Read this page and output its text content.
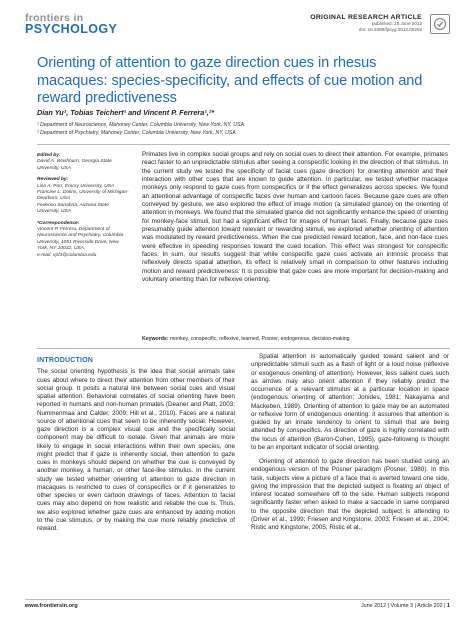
frontiers in
PSYCHOLOGY
ORIGINAL RESEARCH ARTICLE
published: 25 June 2012
doi: 10.3389/fpsyg.2012.00202
Orienting of attention to gaze direction cues in rhesus macaques: species-specificity, and effects of cue motion and reward predictiveness
Dian Yu¹, Tobias Teichert¹ and Vincent P. Ferrera¹,²*
¹ Department of Neuroscience, Mahoney Center, Columbia University, New York, NY, USA
² Department of Psychiatry, Mahoney Center, Columbia University, New York, NY, USA
Edited by:
David A. Washburn, Georgia State University, USA
Reviewed by:
Lisa A. Parr, Emory University, USA
Francine L. Dolins, University of Michigan-Dearborn, USA
Federico Sanabria, Arizona State University, USA
*Correspondence:
Vincent P. Ferrera, Department of Neuroscience and Psychiatry, Columbia University, 1051 Riverside Drive, New York, NY 10032, USA.
e-mail: vpf3@columbia.edu
Primates live in complex social groups and rely on social cues to direct their attention. For example, primates react faster to an unpredictable stimulus after seeing a conspecific looking in the direction of that stimulus. In the current study we tested the specificity of facial cues (gaze direction) for orienting attention and their interaction with other cues that are known to guide attention. In particular, we tested whether macaque monkeys only respond to gaze cues from conspecifics or if the effect generalizes across species. We found an attentional advantage of conspecific faces over human and cartoon faces. Because gaze cues are often conveyed by gesture, we also explored the effect of image motion (a simulated glance) on the orienting of attention in monkeys. We found that the simulated glance did not significantly enhance the speed of orienting for monkey-face stimuli, but had a significant effect for images of human faces. Finally, because gaze cues presumably guide attention toward relevant or rewarding stimuli, we explored whether orienting of attention was modulated by reward predictiveness. When the cue predicted reward location, face, and non-face cues were effective in speeding responses toward the cued location. This effect was strongest for conspecific faces. In sum, our results suggest that while conspecific gaze cues activate an intrinsic process that reflexively directs spatial attention, its effect is relatively small in comparison to other features including motion and reward predictiveness. It is possible that gaze cues are more important for decision-making and voluntary orienting than for reflexive orienting.
Keywords: monkey, conspecific, reflexive, learned, Posner, endogenous, decision-making
INTRODUCTION

The social orienting hypothesis is the idea that social animals take cues about where to direct their attention from other members of their social group. It posits a natural link between social cues and visual spatial attention. Behavioral correlates of social orienting have been reported in humans and non-human primates (Deaner and Platt, 2003; Nummenmaa and Calder, 2009; Hill et al., 2010). Faces are a natural source of attentional cues that seem to be inherently social. However, gaze direction is a complex visual cue and the specifically social component may be difficult to isolate. Given that animals are more likely to engage in social interactions within their own species, one might predict that if gaze is inherently social, then attention to gaze cues in monkeys should depend on whether the cue is conveyed by another monkey, a human, or other face-like stimulus. In the current study we tested whether orienting of attention to gaze direction in macaques is restricted to cues of conspecifics or if it generalizes to other species or even cartoon drawings of faces. Attention to facial cues may also depend on how realistic and reliable the cue is. Thus, we also explored whether gaze cues are enhanced by adding motion to the cue stimulus, or by making the cue more reliably predictive of reward.

Spatial attention is automatically guided toward salient and or unpredictable stimuli such as a flash of light or a loud noise (reflexive or exogenous orienting of attention). However, less salient cues such as arrows may also orient attention if they reliably predict the occurrence of a relevant stimulus at a particular location in space (endogenous orienting of attention; Jonides, 1981; Nakayama and Mackeben, 1989). Orienting of attention to gaze may be an automated or reflexive form of endogenous orienting: it assumes that attention is guided by an innate tendency to orient to stimuli that are being attended by conspecifics. As direction of gaze is highly correlated with the locus of attention (Baron-Cohen, 1995), gaze-following is thought to be an important indicator of social orienting.

Orienting of attention to gaze direction has been studied using an endogenous version of the Posner paradigm (Posner, 1980). In this task, subjects view a picture of a face that is averted toward one side, giving the impression that the depicted subject is fixating an object of interest located somewhere off to the side. Human subjects respond significantly faster when asked to make a saccade in same compared to the opposite direction that the depicted subject is attending to (Driver et al., 1999; Friesen and Kingstone, 2003; Friesen et al., 2004; Ristic and Kingstone, 2005; Ristic et al.,

www.frontiersin.org	June 2012 | Volume 3 | Article 202 | 1
